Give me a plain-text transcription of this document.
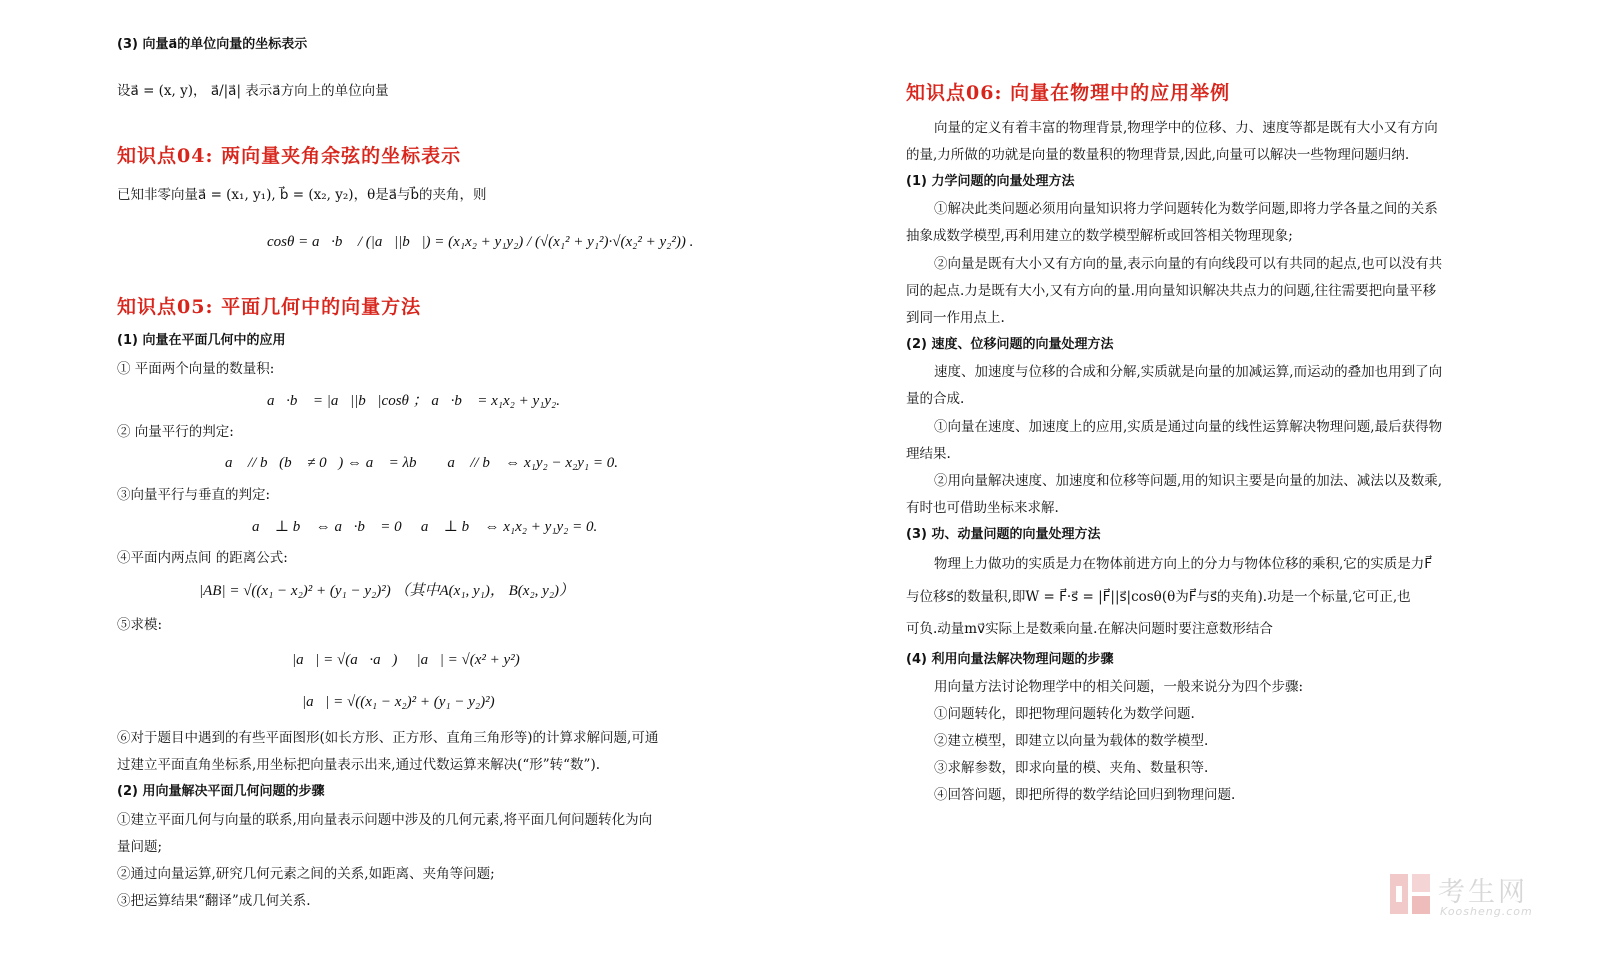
(3) 向量a⃗的单位向量的坐标表示
设a⃗ = (x, y)， a⃗/|a⃗| 表示a⃗方向上的单位向量
知识点04: 两向量夹角余弦的坐标表示
已知非零向量a⃗ = (x₁, y₁), b⃗ = (x₂, y₂)，θ是a⃗与b⃗的夹角，则
cosθ = a⃗·b⃗ / (|a⃗||b⃗|) = (x₁x₂ + y₁y₂) / (√(x₁² + y₁²)·√(x₂² + y₂²)) .
知识点05: 平面几何中的向量方法
(1) 向量在平面几何中的应用
① 平面两个向量的数量积:
a⃗·b⃗ = |a⃗||b⃗|cosθ ； a⃗·b⃗ = x₁x₂ + y₁y₂.
② 向量平行的判定:
a⃗ // b⃗(b⃗ ≠ 0⃗) ⇔ a⃗ = λb⃗ ； a⃗ // b⃗ ⇔ x₁y₂ − x₂y₁ = 0.
③向量平行与垂直的判定:
a⃗ ⊥ b⃗ ⇔ a⃗·b⃗ = 0 ； a⃗ ⊥ b⃗ ⇔ x₁x₂ + y₁y₂ = 0.
④平面内两点间 的距离公式:
|AB| = √((x₁ − x₂)² + (y₁ − y₂)²) （其中A(x₁, y₁)， B(x₂, y₂)）
⑤求模:
|a⃗| = √(a⃗·a⃗) ； |a⃗| = √(x² + y²) ；
|a⃗| = √((x₁ − x₂)² + (y₁ − y₂)²)
⑥对于题目中遇到的有些平面图形(如长方形、正方形、直角三角形等)的计算求解问题,可通
过建立平面直角坐标系,用坐标把向量表示出来,通过代数运算来解决(“形”转“数”).
(2) 用向量解决平面几何问题的步骤
①建立平面几何与向量的联系,用向量表示问题中涉及的几何元素,将平面几何问题转化为向
量问题;
②通过向量运算,研究几何元素之间的关系,如距离、夹角等问题;
③把运算结果“翻译”成几何关系.
知识点06: 向量在物理中的应用举例
向量的定义有着丰富的物理背景,物理学中的位移、力、速度等都是既有大小又有方向
的量,力所做的功就是向量的数量积的物理背景,因此,向量可以解决一些物理问题归纳.
(1) 力学问题的向量处理方法
①解决此类问题必须用向量知识将力学问题转化为数学问题,即将力学各量之间的关系
抽象成数学模型,再利用建立的数学模型解析或回答相关物理现象;
②向量是既有大小又有方向的量,表示向量的有向线段可以有共同的起点,也可以没有共
同的起点.力是既有大小,又有方向的量.用向量知识解决共点力的问题,往往需要把向量平移
到同一作用点上.
(2) 速度、位移问题的向量处理方法
速度、加速度与位移的合成和分解,实质就是向量的加减运算,而运动的叠加也用到了向
量的合成.
①向量在速度、加速度上的应用,实质是通过向量的线性运算解决物理问题,最后获得物
理结果.
②用向量解决速度、加速度和位移等问题,用的知识主要是向量的加法、减法以及数乘,
有时也可借助坐标来求解.
(3) 功、动量问题的向量处理方法
物理上力做功的实质是力在物体前进方向上的分力与物体位移的乘积,它的实质是力F⃗
与位移s⃗的数量积,即W = F⃗·s⃗ = |F⃗||s⃗|cosθ(θ为F⃗与s⃗的夹角).功是一个标量,它可正,也
可负.动量mv⃗实际上是数乘向量.在解决问题时要注意数形结合
(4) 利用向量法解决物理问题的步骤
用向量方法讨论物理学中的相关问题，一般来说分为四个步骤:
①问题转化，即把物理问题转化为数学问题.
②建立模型，即建立以向量为载体的数学模型.
③求解参数，即求向量的模、夹角、数量积等.
④回答问题，即把所得的数学结论回归到物理问题.
考生网
Koosheng.com
